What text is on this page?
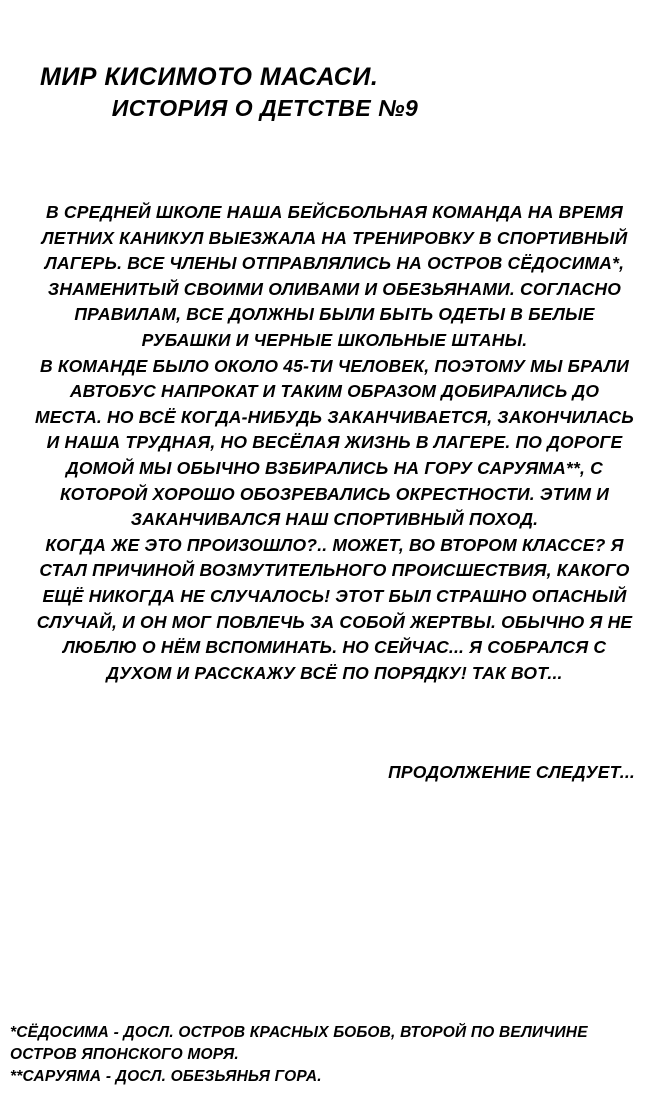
МИР КИСИМОТО МАСАСИ.
ИСТОРИЯ О ДЕТСТВЕ №9

В СРЕДНЕЙ ШКОЛЕ НАША БЕЙСБОЛЬНАЯ КОМАНДА НА ВРЕМЯ ЛЕТНИХ КАНИКУЛ ВЫЕЗЖАЛА НА ТРЕНИРОВКУ В СПОРТИВНЫЙ ЛАГЕРЬ. ВСЕ ЧЛЕНЫ ОТПРАВЛЯЛИСЬ НА ОСТРОВ СЁДОСИМА*, ЗНАМЕНИТЫЙ СВОИМИ ОЛИВАМИ И ОБЕЗЬЯНАМИ. СОГЛАСНО ПРАВИЛАМ, ВСЕ ДОЛЖНЫ БЫЛИ БЫТЬ ОДЕТЫ В БЕЛЫЕ РУБАШКИ И ЧЕРНЫЕ ШКОЛЬНЫЕ ШТАНЫ.

В КОМАНДЕ БЫЛО ОКОЛО 45-ТИ ЧЕЛОВЕК, ПОЭТОМУ МЫ БРАЛИ АВТОБУС НАПРОКАТ И ТАКИМ ОБРАЗОМ ДОБИРАЛИСЬ ДО МЕСТА. НО ВСЁ КОГДА-НИБУДЬ ЗАКАНЧИВАЕТСЯ, ЗАКОНЧИЛАСЬ И НАША ТРУДНАЯ, НО ВЕСЁЛАЯ ЖИЗНЬ В ЛАГЕРЕ. ПО ДОРОГЕ ДОМОЙ МЫ ОБЫЧНО ВЗБИРАЛИСЬ НА ГОРУ САРУЯМА**, С КОТОРОЙ ХОРОШО ОБОЗРЕВАЛИСЬ ОКРЕСТНОСТИ. ЭТИМ И ЗАКАНЧИВАЛСЯ НАШ СПОРТИВНЫЙ ПОХОД.

КОГДА ЖЕ ЭТО ПРОИЗОШЛО?.. МОЖЕТ, ВО ВТОРОМ КЛАССЕ? Я СТАЛ ПРИЧИНОЙ ВОЗМУТИТЕЛЬНОГО ПРОИСШЕСТВИЯ, КАКОГО ЕЩЁ НИКОГДА НЕ СЛУЧАЛОСЬ! ЭТОТ БЫЛ СТРАШНО ОПАСНЫЙ СЛУЧАЙ, И ОН МОГ ПОВЛЕЧЬ ЗА СОБОЙ ЖЕРТВЫ. ОБЫЧНО Я НЕ ЛЮБЛЮ О НЁМ ВСПОМИНАТЬ. НО СЕЙЧАС... Я СОБРАЛСЯ С ДУХОМ И РАССКАЖУ ВСЁ ПО ПОРЯДКУ! ТАК ВОТ...

ПРОДОЛЖЕНИЕ СЛЕДУЕТ...

*СЁДОСИМА - ДОСЛ. ОСТРОВ КРАСНЫХ БОБОВ, ВТОРОЙ ПО ВЕЛИЧИНЕ ОСТРОВ ЯПОНСКОГО МОРЯ.

**САРУЯМА - ДОСЛ. ОБЕЗЬЯНЬЯ ГОРА.
